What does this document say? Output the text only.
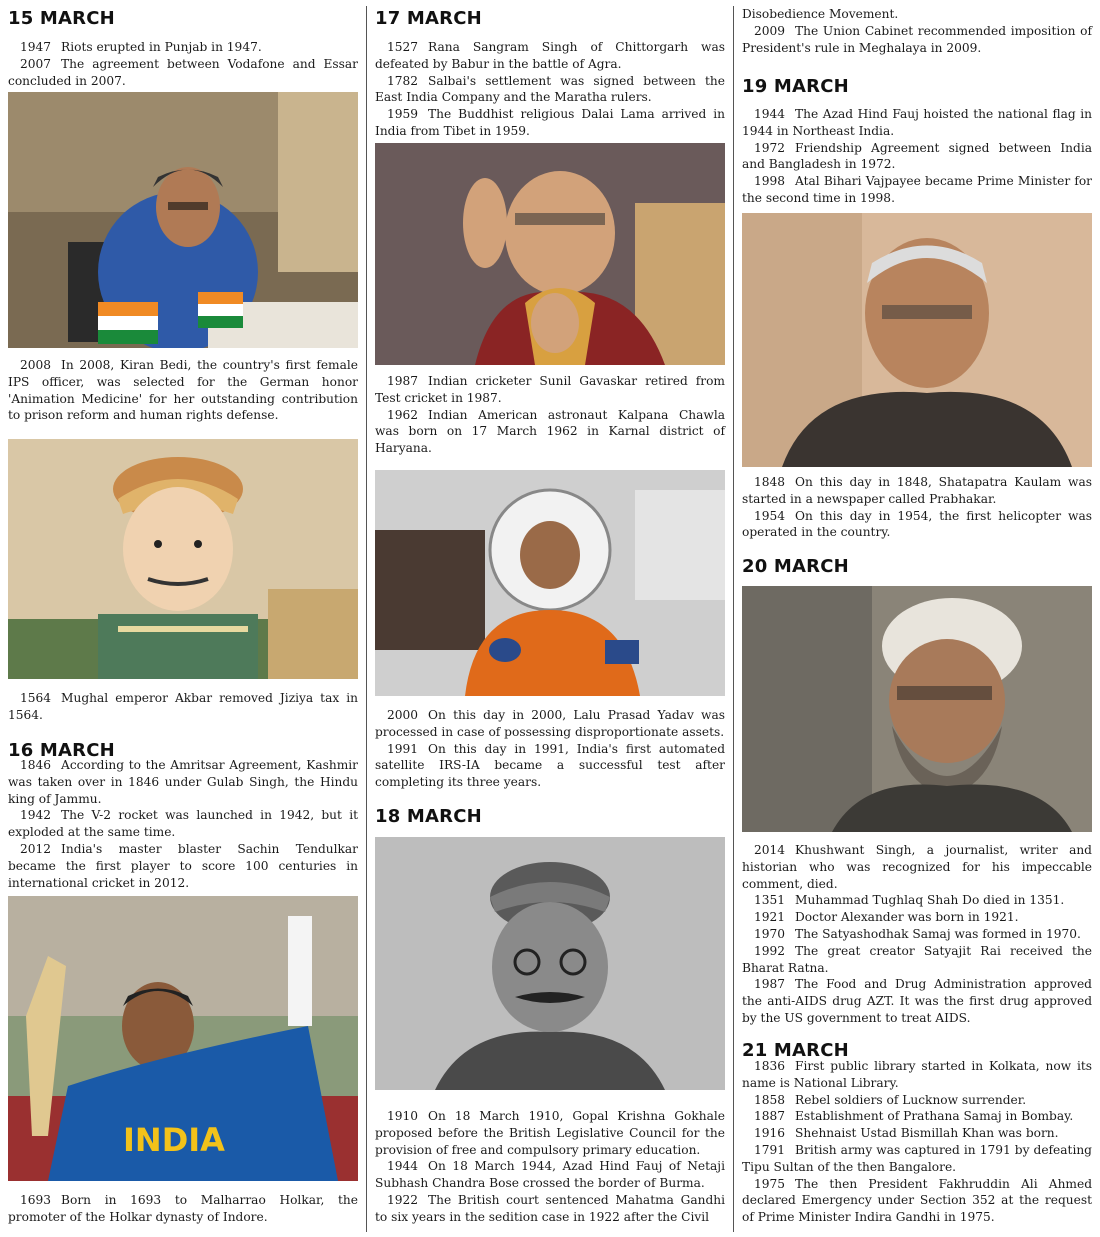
15 MARCH

1947 Riots erupted in Punjab in 1947.

2007 The agreement between Vodafone and Essar concluded in 2007.

2008 In 2008, Kiran Bedi, the country's first female IPS officer, was selected for the German honor 'Animation Medicine' for her outstanding contribution to prison reform and human rights defense.

1564 Mughal emperor Akbar removed Jiziya tax in 1564.

16 MARCH

1846 According to the Amritsar Agreement, Kashmir was taken over in 1846 under Gulab Singh, the Hindu king of Jammu.

1942 The V-2 rocket was launched in 1942, but it exploded at the same time.

2012 India's master blaster Sachin Tendulkar became the first player to score 100 centuries in international cricket in 2012.

INDIA

1693 Born in 1693 to Malharrao Holkar, the promoter of the Holkar dynasty of Indore.

17 MARCH

1527 Rana Sangram Singh of Chittorgarh was defeated by Babur in the battle of Agra.

1782 Salbai's settlement was signed between the East India Company and the Maratha rulers.

1959 The Buddhist religious Dalai Lama arrived in India from Tibet in 1959.

1987 Indian cricketer Sunil Gavaskar retired from Test cricket in 1987.

1962 Indian American astronaut Kalpana Chawla was born on 17 March 1962 in Karnal district of Haryana.

2000 On this day in 2000, Lalu Prasad Yadav was processed in case of possessing disproportionate assets.

1991 On this day in 1991, India's first automated satellite IRS-IA became a successful test after completing its three years.

18 MARCH

1910 On 18 March 1910, Gopal Krishna Gokhale proposed before the British Legislative Council for the provision of free and compulsory primary education.

1944 On 18 March 1944, Azad Hind Fauj of Netaji Subhash Chandra Bose crossed the border of Burma.

1922 The British court sentenced Mahatma Gandhi to six years in the sedition case in 1922 after the Civil

Disobedience Movement.

2009 The Union Cabinet recommended imposition of President's rule in Meghalaya in 2009.

19 MARCH

1944 The Azad Hind Fauj hoisted the national flag in 1944 in Northeast India.

1972 Friendship Agreement signed between India and Bangladesh in 1972.

1998 Atal Bihari Vajpayee became Prime Minister for the second time in 1998.

1848 On this day in 1848, Shatapatra Kaulam was started in a newspaper called Prabhakar.

1954 On this day in 1954, the first helicopter was operated in the country.

20 MARCH

2014 Khushwant Singh, a journalist, writer and historian who was recognized for his impeccable comment, died.

1351 Muhammad Tughlaq Shah Do died in 1351.

1921 Doctor Alexander was born in 1921.

1970 The Satyashodhak Samaj was formed in 1970.

1992 The great creator Satyajit Rai received the Bharat Ratna.

1987 The Food and Drug Administration approved the anti-AIDS drug AZT. It was the first drug approved by the US government to treat AIDS.

21 MARCH

1836 First public library started in Kolkata, now its name is National Library.

1858 Rebel soldiers of Lucknow surrender.

1887 Establishment of Prathana Samaj in Bombay.

1916 Shehnaist Ustad Bismillah Khan was born.

1791 British army was captured in 1791 by defeating Tipu Sultan of the then Bangalore.

1975 The then President Fakhruddin Ali Ahmed declared Emergency under Section 352 at the request of Prime Minister Indira Gandhi in 1975.
